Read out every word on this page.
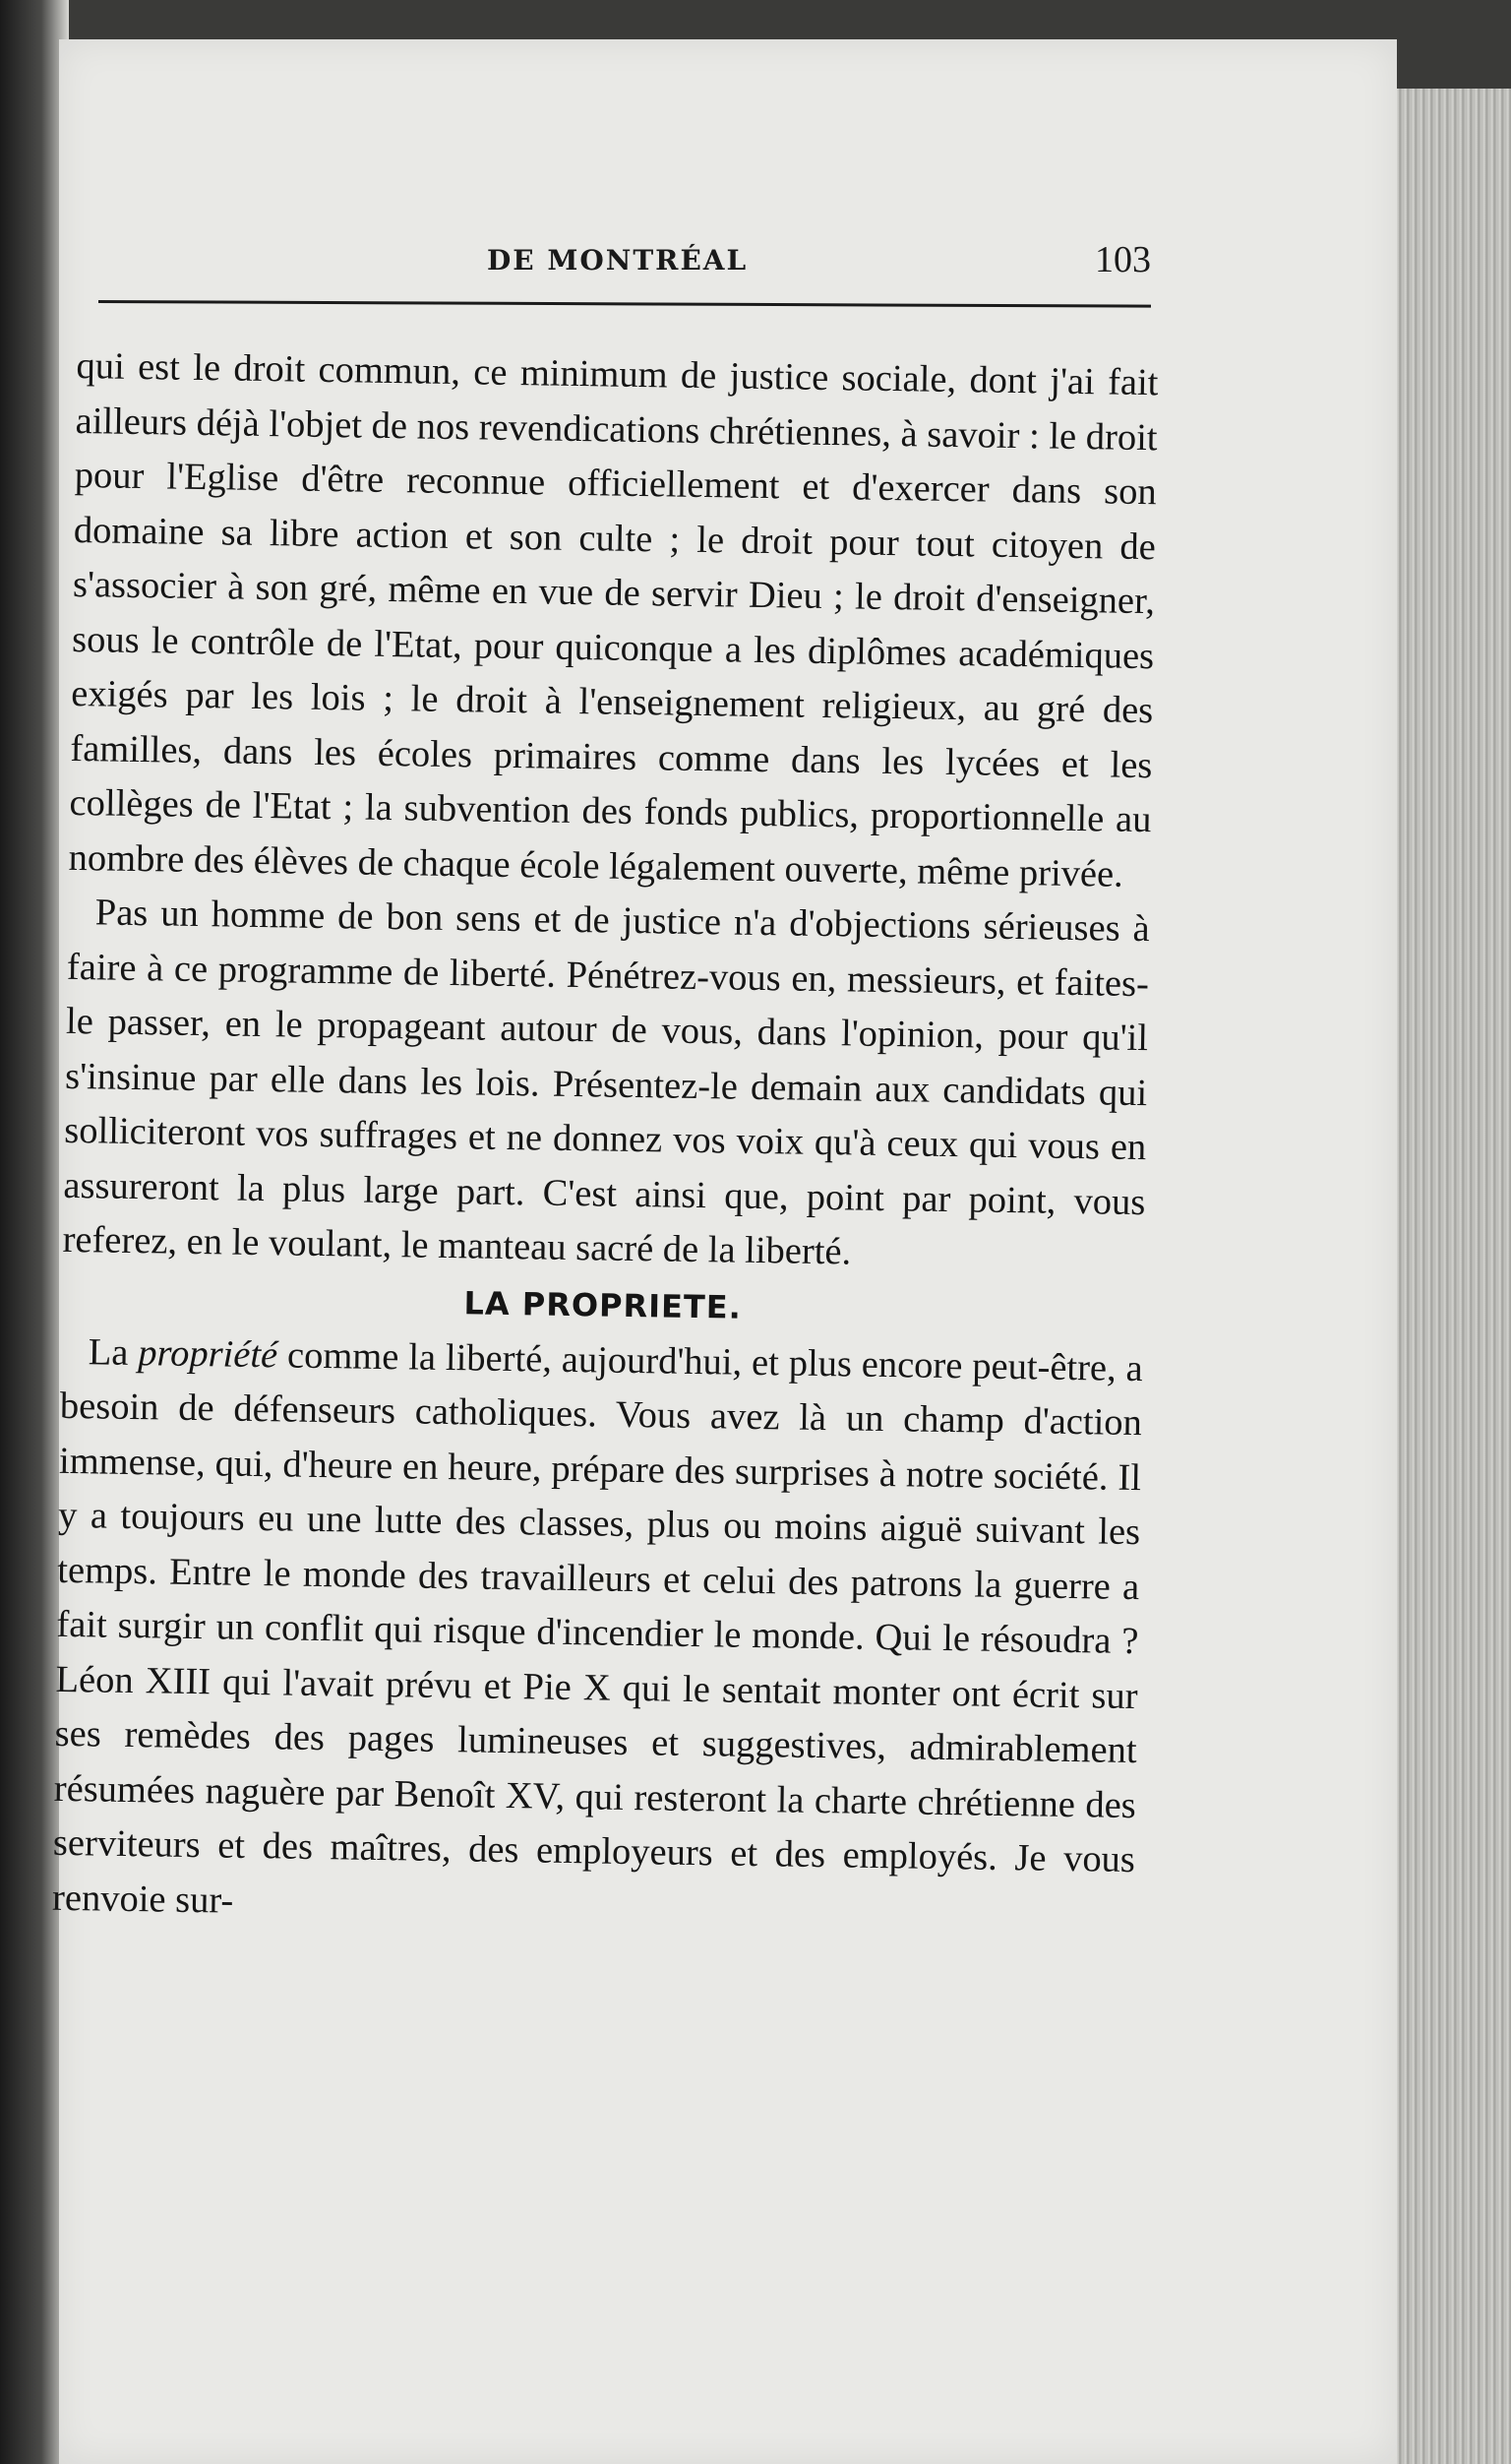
DE MONTRÉAL	103

qui est le droit commun, ce minimum de justice sociale, dont j'ai fait ailleurs déjà l'objet de nos revendications chrétiennes, à savoir : le droit pour l'Eglise d'être reconnue officiellement et d'exercer dans son domaine sa libre action et son culte ; le droit pour tout citoyen de s'associer à son gré, même en vue de servir Dieu ; le droit d'enseigner, sous le contrôle de l'Etat, pour quiconque a les diplômes académiques exigés par les lois ; le droit à l'enseignement religieux, au gré des familles, dans les écoles primaires comme dans les lycées et les collèges de l'Etat ; la subvention des fonds publics, proportionnelle au nombre des élèves de chaque école légalement ouverte, même privée.

Pas un homme de bon sens et de justice n'a d'objections sérieuses à faire à ce programme de liberté. Pénétrez-vous en, messieurs, et faites-le passer, en le propageant autour de vous, dans l'opinion, pour qu'il s'insinue par elle dans les lois. Présentez-le demain aux candidats qui solliciteront vos suffrages et ne donnez vos voix qu'à ceux qui vous en assureront la plus large part. C'est ainsi que, point par point, vous referez, en le voulant, le manteau sacré de la liberté.

LA PROPRIETE.

La propriété comme la liberté, aujourd'hui, et plus encore peut-être, a besoin de défenseurs catholiques. Vous avez là un champ d'action immense, qui, d'heure en heure, prépare des surprises à notre société. Il y a toujours eu une lutte des classes, plus ou moins aiguë suivant les temps. Entre le monde des travailleurs et celui des patrons la guerre a fait surgir un conflit qui risque d'incendier le monde. Qui le résoudra ? Léon XIII qui l'avait prévu et Pie X qui le sentait monter ont écrit sur ses remèdes des pages lumineuses et suggestives, admirablement résumées naguère par Benoît XV, qui resteront la charte chrétienne des serviteurs et des maîtres, des employeurs et des employés. Je vous renvoie sur-
